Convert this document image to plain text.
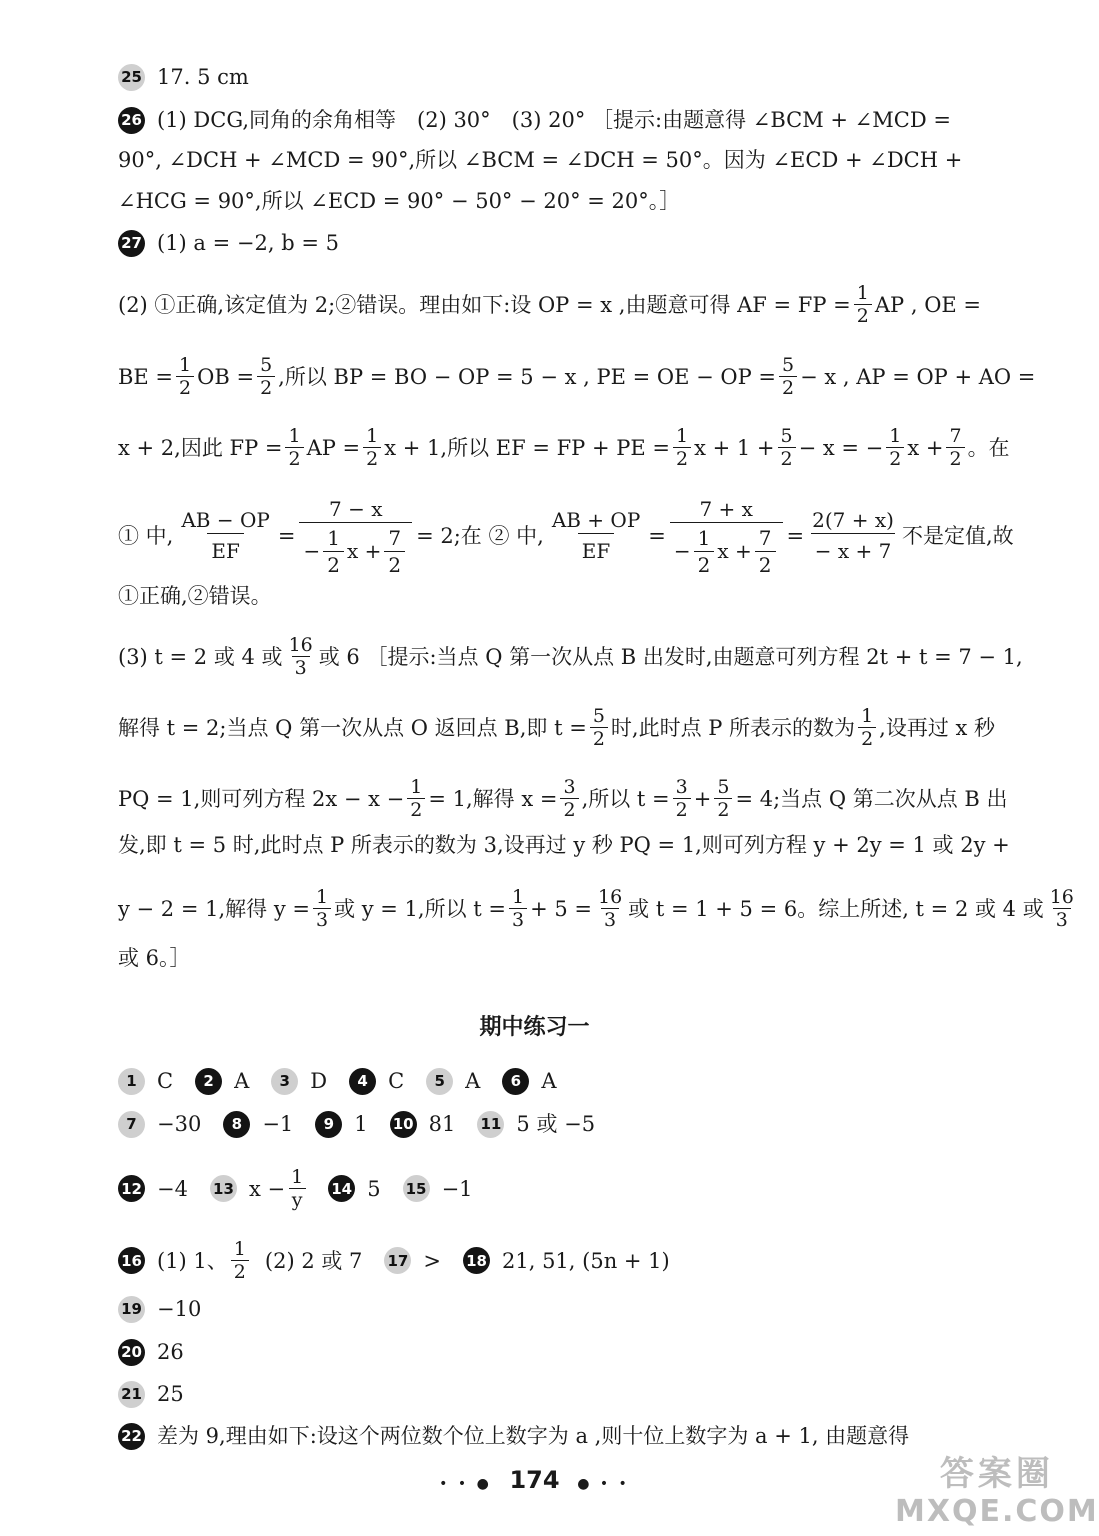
25 17. 5 cm
26 (1) DCG,同角的余角相等　(2) 30°　(3) 20° ［提示:由题意得 ∠BCM + ∠MCD =
90°, ∠DCH + ∠MCD = 90°,所以 ∠BCM = ∠DCH = 50°。因为 ∠ECD + ∠DCH +
∠HCG = 90°,所以 ∠ECD = 90° − 50° − 20° = 20°。］
27 (1) a = −2, b = 5
(2) ①正确,该定值为 2;②错误。理由如下:设 OP = x ,由题意可得 AF = FP = $\frac{1}{2}$ AP , OE =
BE = $\frac{1}{2}$ OB = $\frac{5}{2}$ ,所以 BP = BO − OP = 5 − x , PE = OE − OP = $\frac{5}{2} - x$ , AP = OP + AO =
x + 2,因此 FP = $\frac{1}{2}$ AP = $\frac{1}{2}$ x + 1,所以 EF = FP + PE = $\frac{1}{2}$ $x + 1 + \frac{5}{2} - x$ = − $\frac{1}{2}$ $x + \frac{7}{2}$ 。在
① 中, $\frac{AB - OP}{EF} = \frac{7 - x}{- \frac{1}{2} x + \frac{7}{2}} = 2$;在 ② 中, $\frac{AB + OP}{EF} = \frac{7 + x}{- \frac{1}{2} x + \frac{7}{2}} = \frac{2(7 + x)}{- x + 7}$ 不是定值,故
①正确,②错误。
(3) t = 2 或 4 或 16
3 或 6 ［提示:当点 Q 第一次从点 B 出发时,由题意可列方程 2t + t = 7 − 1,
解得 t = 2;当点 Q 第一次从点 O 返回点 B,即 $t = \frac{5}{2}$ 时,此时点 P 所表示的数为 1
2 ,设再过 x 秒
PQ = 1,则可列方程 $2x - x - \frac{1}{2} = 1$,解得 $x = \frac{3}{2}$ ,所以 $t = \frac{3}{2} + \frac{5}{2} = 4$;当点 Q 第二次从点 B 出
发,即 t = 5 时,此时点 P 所表示的数为 3,设再过 y 秒 PQ = 1,则可列方程 y + 2y = 1 或 2y +
y − 2 = 1,解得 $y = \frac{1}{3}$ 或 y = 1,所以 $t = \frac{1}{3} + 5 = \frac{16}{3}$ 或 t = 1 + 5 = 6。综上所述, t = 2 或 4 或 16
3
或 6。］
期中练习一
1 C	2 A	3 D	4 C	5 A	6 A
7 −30	8 −1	9 1 10 81 11 5 或 −5
12 −4 13 $x - \frac{1}{y} 14$ 5 15 −1
16 (1) 1、 1
2 (2) 2 或 7 17 > 18 21, 51, (5n + 1)
19 −10
20 26
21 25
22 差为 9,理由如下:设这个两位数个位上数字为 a ,则十位上数字为 a + 1, 由题意得
• • ● 174 ● • •	答案圈
MXQE.COM
